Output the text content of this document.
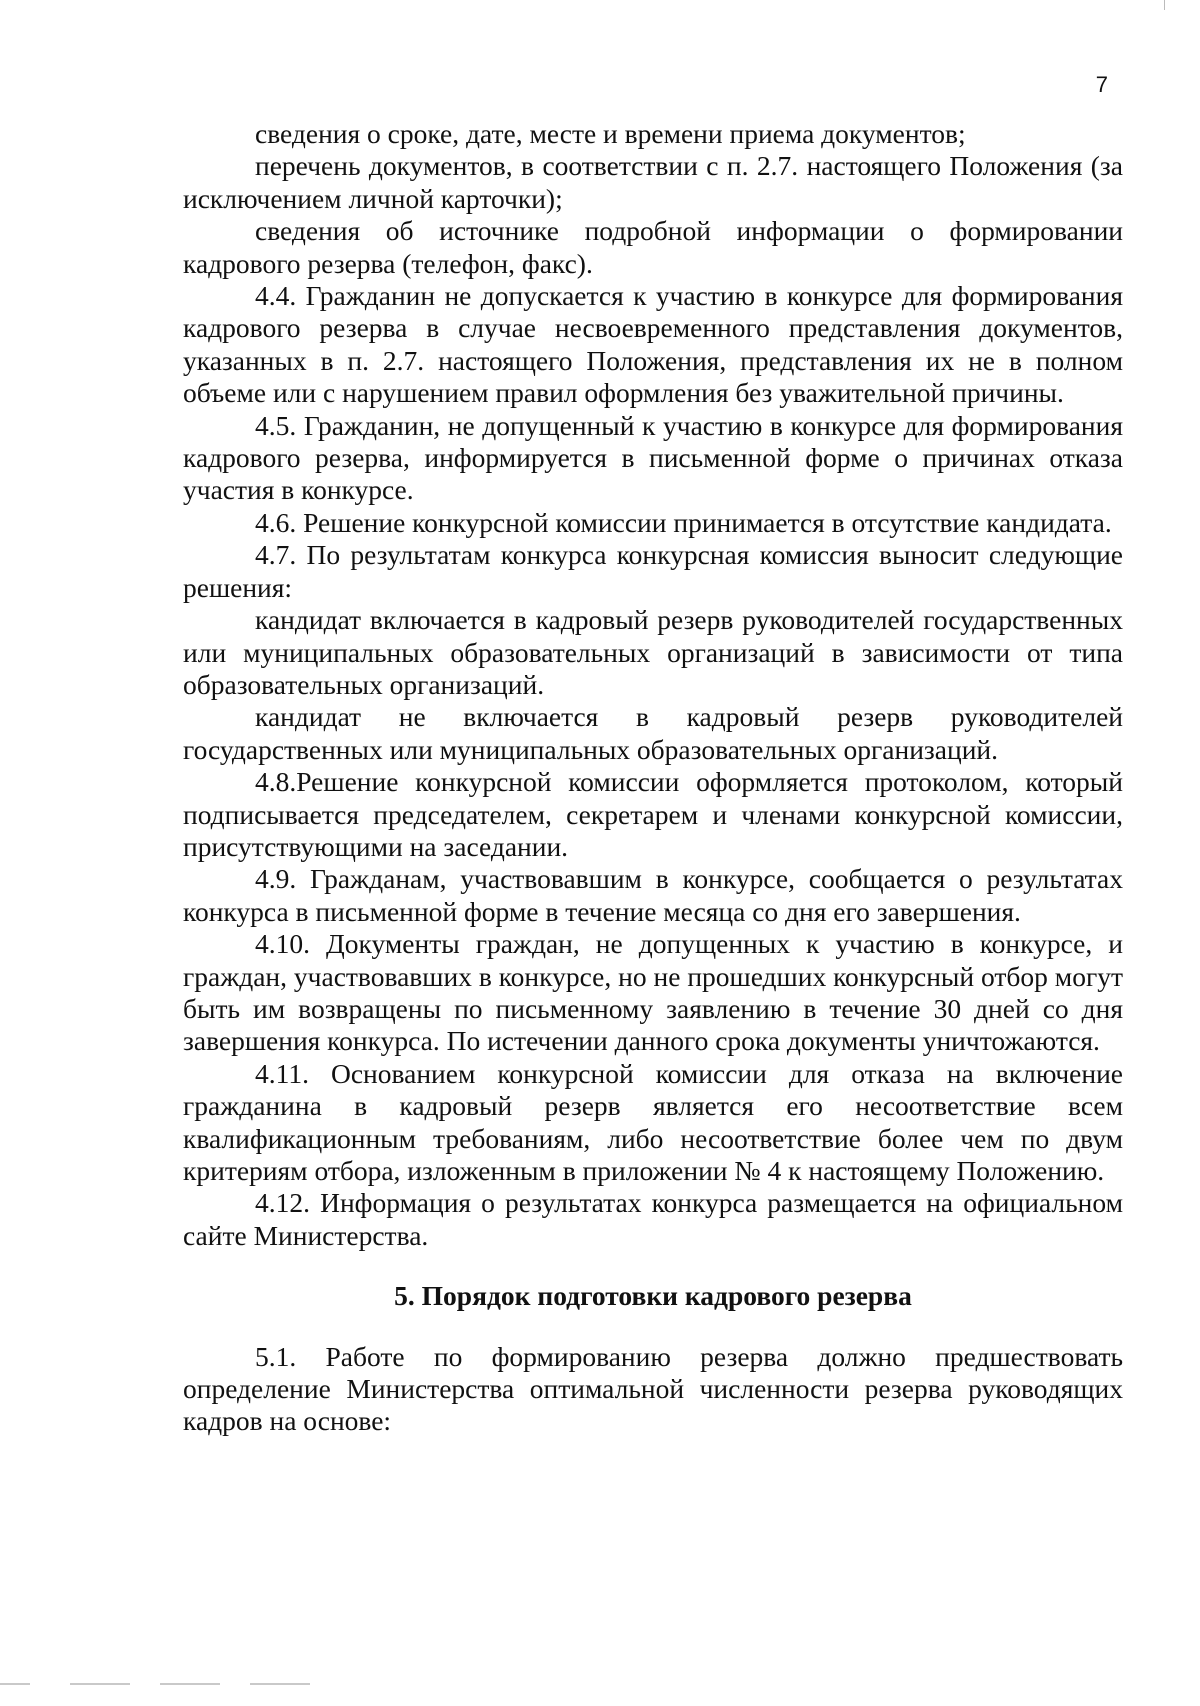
7

сведения о сроке, дате, месте и времени приема документов;

перечень документов, в соответствии с п. 2.7. настоящего Положения (за исключением личной карточки);

сведения об источнике подробной информации о формировании кадрового резерва (телефон, факс).

4.4. Гражданин не допускается к участию в конкурсе для формирования кадрового резерва в случае несвоевременного представления документов, указанных в п. 2.7. настоящего Положения, представления их не в полном объеме или с нарушением правил оформления без уважительной причины.

4.5. Гражданин, не допущенный к участию в конкурсе для формирования кадрового резерва, информируется в письменной форме о причинах отказа участия в конкурсе.

4.6. Решение конкурсной комиссии принимается в отсутствие кандидата.

4.7. По результатам конкурса конкурсная комиссия выносит следующие решения:

кандидат включается в кадровый резерв руководителей государственных или муниципальных образовательных организаций в зависимости от типа образовательных организаций.

кандидат не включается в кадровый резерв руководителей государственных или муниципальных образовательных организаций.

4.8.Решение конкурсной комиссии оформляется протоколом, который подписывается председателем, секретарем и членами конкурсной комиссии, присутствующими на заседании.

4.9. Гражданам, участвовавшим в конкурсе, сообщается о результатах конкурса в письменной форме в течение месяца со дня его завершения.

4.10. Документы граждан, не допущенных к участию в конкурсе, и граждан, участвовавших в конкурсе, но не прошедших конкурсный отбор могут быть им возвращены по письменному заявлению в течение 30 дней со дня завершения конкурса. По истечении данного срока документы уничтожаются.

4.11. Основанием конкурсной комиссии для отказа на включение гражданина в кадровый резерв является его несоответствие всем квалификационным требованиям, либо несоответствие более чем по двум критериям отбора, изложенным в приложении № 4 к настоящему Положению.

4.12. Информация о результатах конкурса размещается на официальном сайте Министерства.

5. Порядок подготовки кадрового резерва

5.1. Работе по формированию резерва должно предшествовать определение Министерства оптимальной численности резерва руководящих кадров на основе:
